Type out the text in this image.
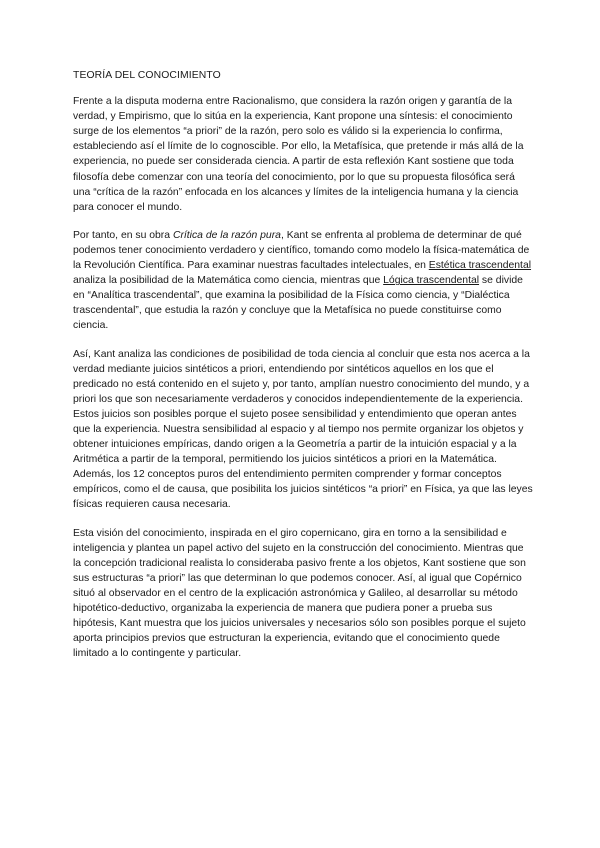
TEORÍA DEL CONOCIMIENTO

Frente a la disputa moderna entre Racionalismo, que considera la razón origen y garantía de la verdad, y Empirismo, que lo sitúa en la experiencia, Kant propone una síntesis: el conocimiento surge de los elementos “a priori” de la razón, pero solo es válido si la experiencia lo confirma, estableciendo así el límite de lo cognoscible. Por ello, la Metafísica, que pretende ir más allá de la experiencia, no puede ser considerada ciencia. A partir de esta reflexión Kant sostiene que toda filosofía debe comenzar con una teoría del conocimiento, por lo que su propuesta filosófica será una “crítica de la razón” enfocada en los alcances y límites de la inteligencia humana y la ciencia para conocer el mundo.

Por tanto, en su obra Crítica de la razón pura, Kant se enfrenta al problema de determinar de qué podemos tener conocimiento verdadero y científico, tomando como modelo la física-matemática de la Revolución Científica. Para examinar nuestras facultades intelectuales, en Estética trascendental analiza la posibilidad de la Matemática como ciencia, mientras que Lógica trascendental se divide en “Analítica trascendental”, que examina la posibilidad de la Física como ciencia, y “Dialéctica trascendental”, que estudia la razón y concluye que la Metafísica no puede constituirse como ciencia.

Así, Kant analiza las condiciones de posibilidad de toda ciencia al concluir que esta nos acerca a la verdad mediante juicios sintéticos a priori, entendiendo por sintéticos aquellos en los que el predicado no está contenido en el sujeto y, por tanto, amplían nuestro conocimiento del mundo, y a priori los que son necesariamente verdaderos y conocidos independientemente de la experiencia. Estos juicios son posibles porque el sujeto posee sensibilidad y entendimiento que operan antes que la experiencia. Nuestra sensibilidad al espacio y al tiempo nos permite organizar los objetos y obtener intuiciones empíricas, dando origen a la Geometría a partir de la intuición espacial y a la Aritmética a partir de la temporal, permitiendo los juicios sintéticos a priori en la Matemática. Además, los 12 conceptos puros del entendimiento permiten comprender y formar conceptos empíricos, como el de causa, que posibilita los juicios sintéticos “a priori” en Física, ya que las leyes físicas requieren causa necesaria.

Esta visión del conocimiento, inspirada en el giro copernicano, gira en torno a la sensibilidad e inteligencia y plantea un papel activo del sujeto en la construcción del conocimiento. Mientras que la concepción tradicional realista lo consideraba pasivo frente a los objetos, Kant sostiene que son sus estructuras “a priori” las que determinan lo que podemos conocer. Así, al igual que Copérnico situó al observador en el centro de la explicación astronómica y Galileo, al desarrollar su método hipotético-deductivo, organizaba la experiencia de manera que pudiera poner a prueba sus hipótesis, Kant muestra que los juicios universales y necesarios sólo son posibles porque el sujeto aporta principios previos que estructuran la experiencia, evitando que el conocimiento quede limitado a lo contingente y particular.
